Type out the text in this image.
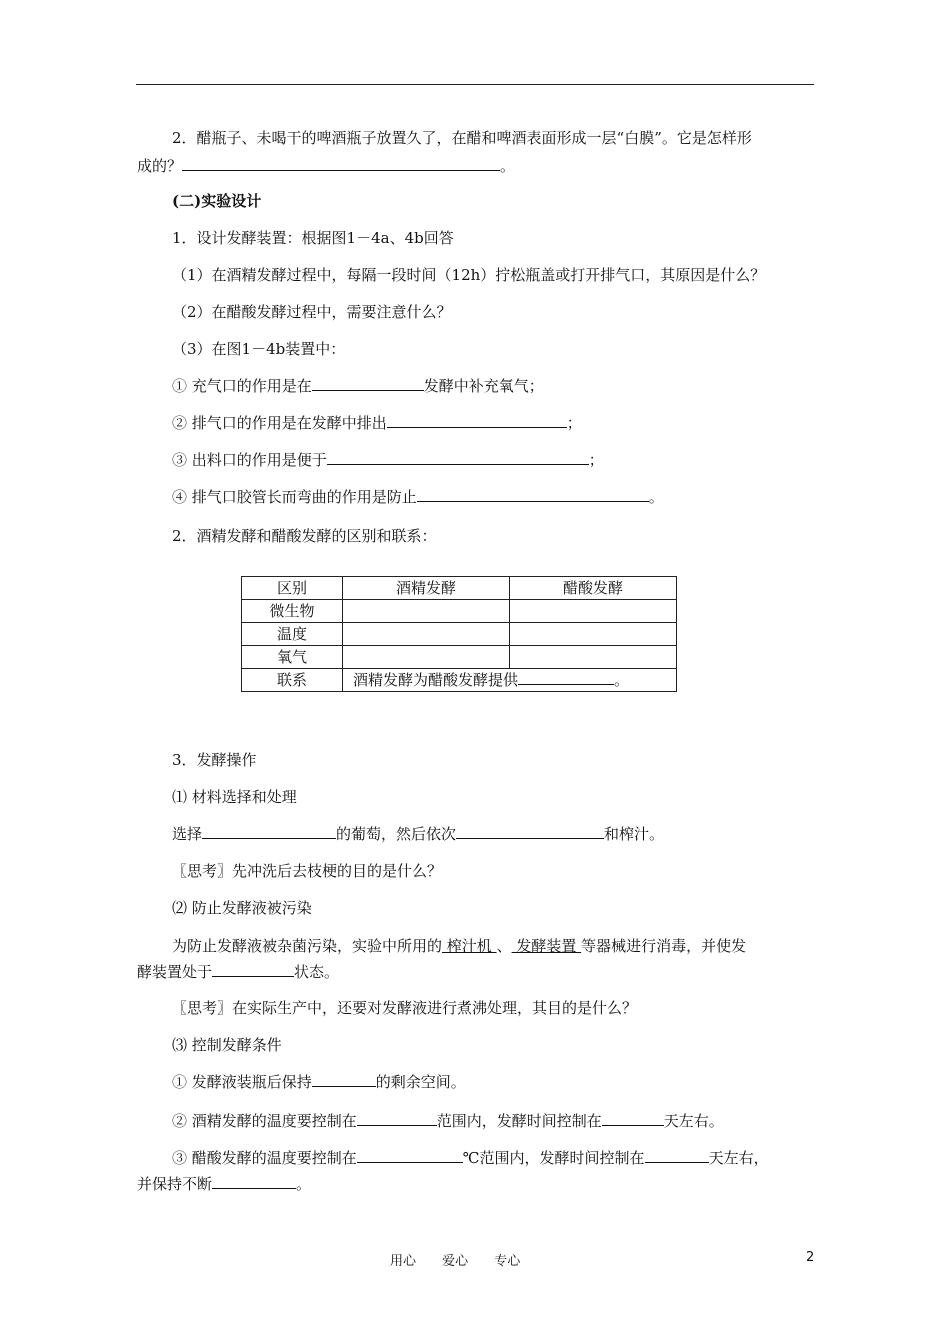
2．醋瓶子、未喝干的啤酒瓶子放置久了，在醋和啤酒表面形成一层“白膜”。它是怎样形
成的？	。
(二)实验设计
1．设计发酵装置：根据图1－4a、4b回答
（1）在酒精发酵过程中，每隔一段时间（12h）拧松瓶盖或打开排气口，其原因是什么？
（2）在醋酸发酵过程中，需要注意什么？
（3）在图1－4b装置中：
① 充气口的作用是在	发酵中补充氧气；
② 排气口的作用是在发酵中排出	；
③ 出料口的作用是便于	；
④ 排气口胶管长而弯曲的作用是防止	。
2．酒精发酵和醋酸发酵的区别和联系：
区别	酒精发酵	醋酸发酵
微生物		
温度		
氧气		
联系	酒精发酵为醋酸发酵提供 。	
3．发酵操作
⑴ 材料选择和处理
选择	的葡萄，然后依次	和榨汁。
〖思考〗先冲洗后去枝梗的目的是什么？
⑵ 防止发酵液被污染
为防止发酵液被杂菌污染，实验中所用的 榨汁机 、 发酵装置 等器械进行消毒，并使发
酵装置处于	状态。
〖思考〗在实际生产中，还要对发酵液进行煮沸处理，其目的是什么？
⑶ 控制发酵条件
① 发酵液装瓶后保持	的剩余空间。
② 酒精发酵的温度要控制在	范围内，发酵时间控制在	天左右。
③ 醋酸发酵的温度要控制在	℃范围内，发酵时间控制在	天左右，
并保持不断	。
用心 爱心 专心	2
